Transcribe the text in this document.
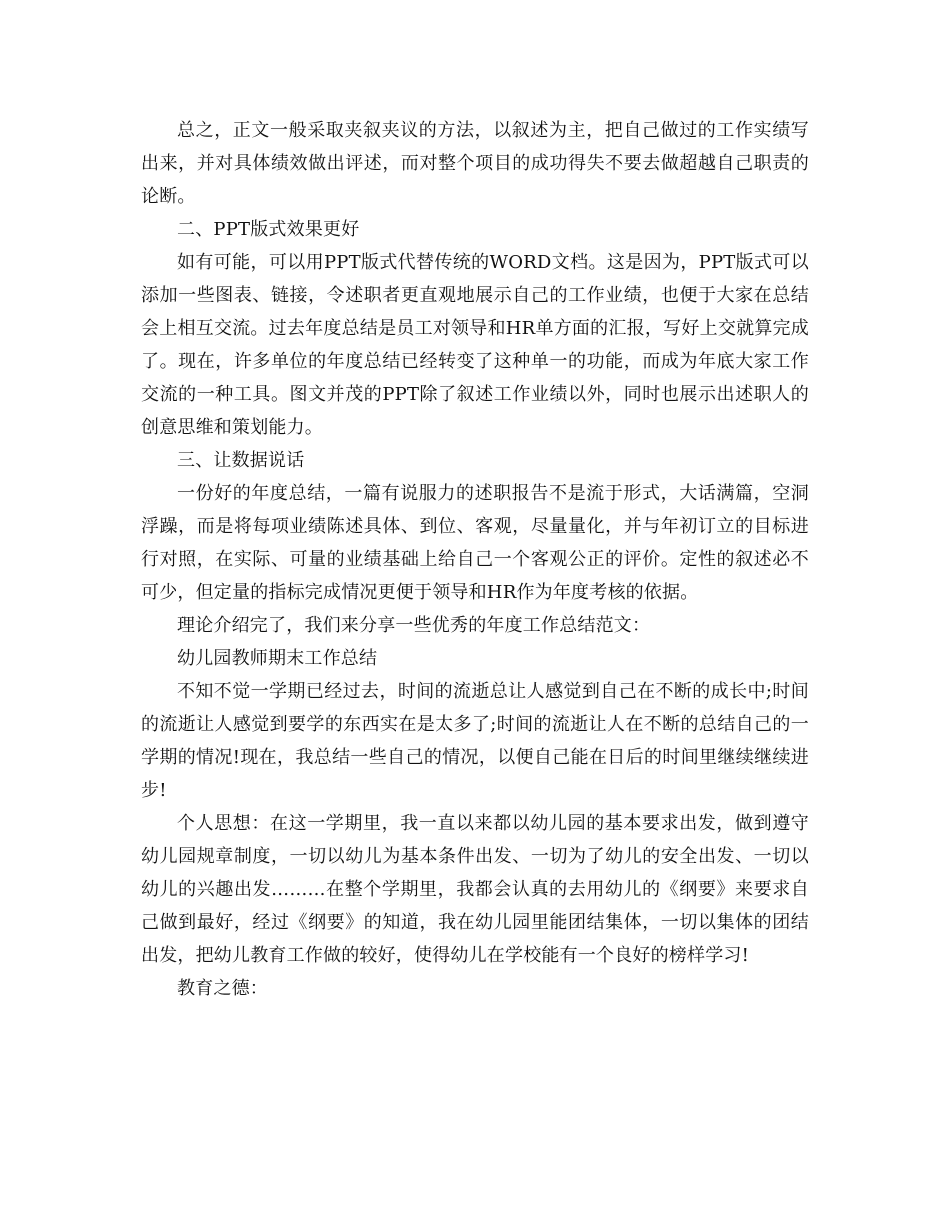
总之，正文一般采取夹叙夹议的方法，以叙述为主，把自己做过的工作实绩写出来，并对具体绩效做出评述，而对整个项目的成功得失不要去做超越自己职责的论断。

二、PPT版式效果更好

如有可能，可以用PPT版式代替传统的WORD文档。这是因为，PPT版式可以添加一些图表、链接，令述职者更直观地展示自己的工作业绩，也便于大家在总结会上相互交流。过去年度总结是员工对领导和HR单方面的汇报，写好上交就算完成了。现在，许多单位的年度总结已经转变了这种单一的功能，而成为年底大家工作交流的一种工具。图文并茂的PPT除了叙述工作业绩以外，同时也展示出述职人的创意思维和策划能力。

三、让数据说话

一份好的年度总结，一篇有说服力的述职报告不是流于形式，大话满篇，空洞浮躁，而是将每项业绩陈述具体、到位、客观，尽量量化，并与年初订立的目标进行对照，在实际、可量的业绩基础上给自己一个客观公正的评价。定性的叙述必不可少，但定量的指标完成情况更便于领导和HR作为年度考核的依据。

理论介绍完了，我们来分享一些优秀的年度工作总结范文：

幼儿园教师期末工作总结

不知不觉一学期已经过去，时间的流逝总让人感觉到自己在不断的成长中;时间的流逝让人感觉到要学的东西实在是太多了;时间的流逝让人在不断的总结自己的一学期的情况!现在，我总结一些自己的情况，以便自己能在日后的时间里继续继续进步!

个人思想：在这一学期里，我一直以来都以幼儿园的基本要求出发，做到遵守幼儿园规章制度，一切以幼儿为基本条件出发、一切为了幼儿的安全出发、一切以幼儿的兴趣出发………在整个学期里，我都会认真的去用幼儿的《纲要》来要求自己做到最好，经过《纲要》的知道，我在幼儿园里能团结集体，一切以集体的团结出发，把幼儿教育工作做的较好，使得幼儿在学校能有一个良好的榜样学习!

教育之德：
